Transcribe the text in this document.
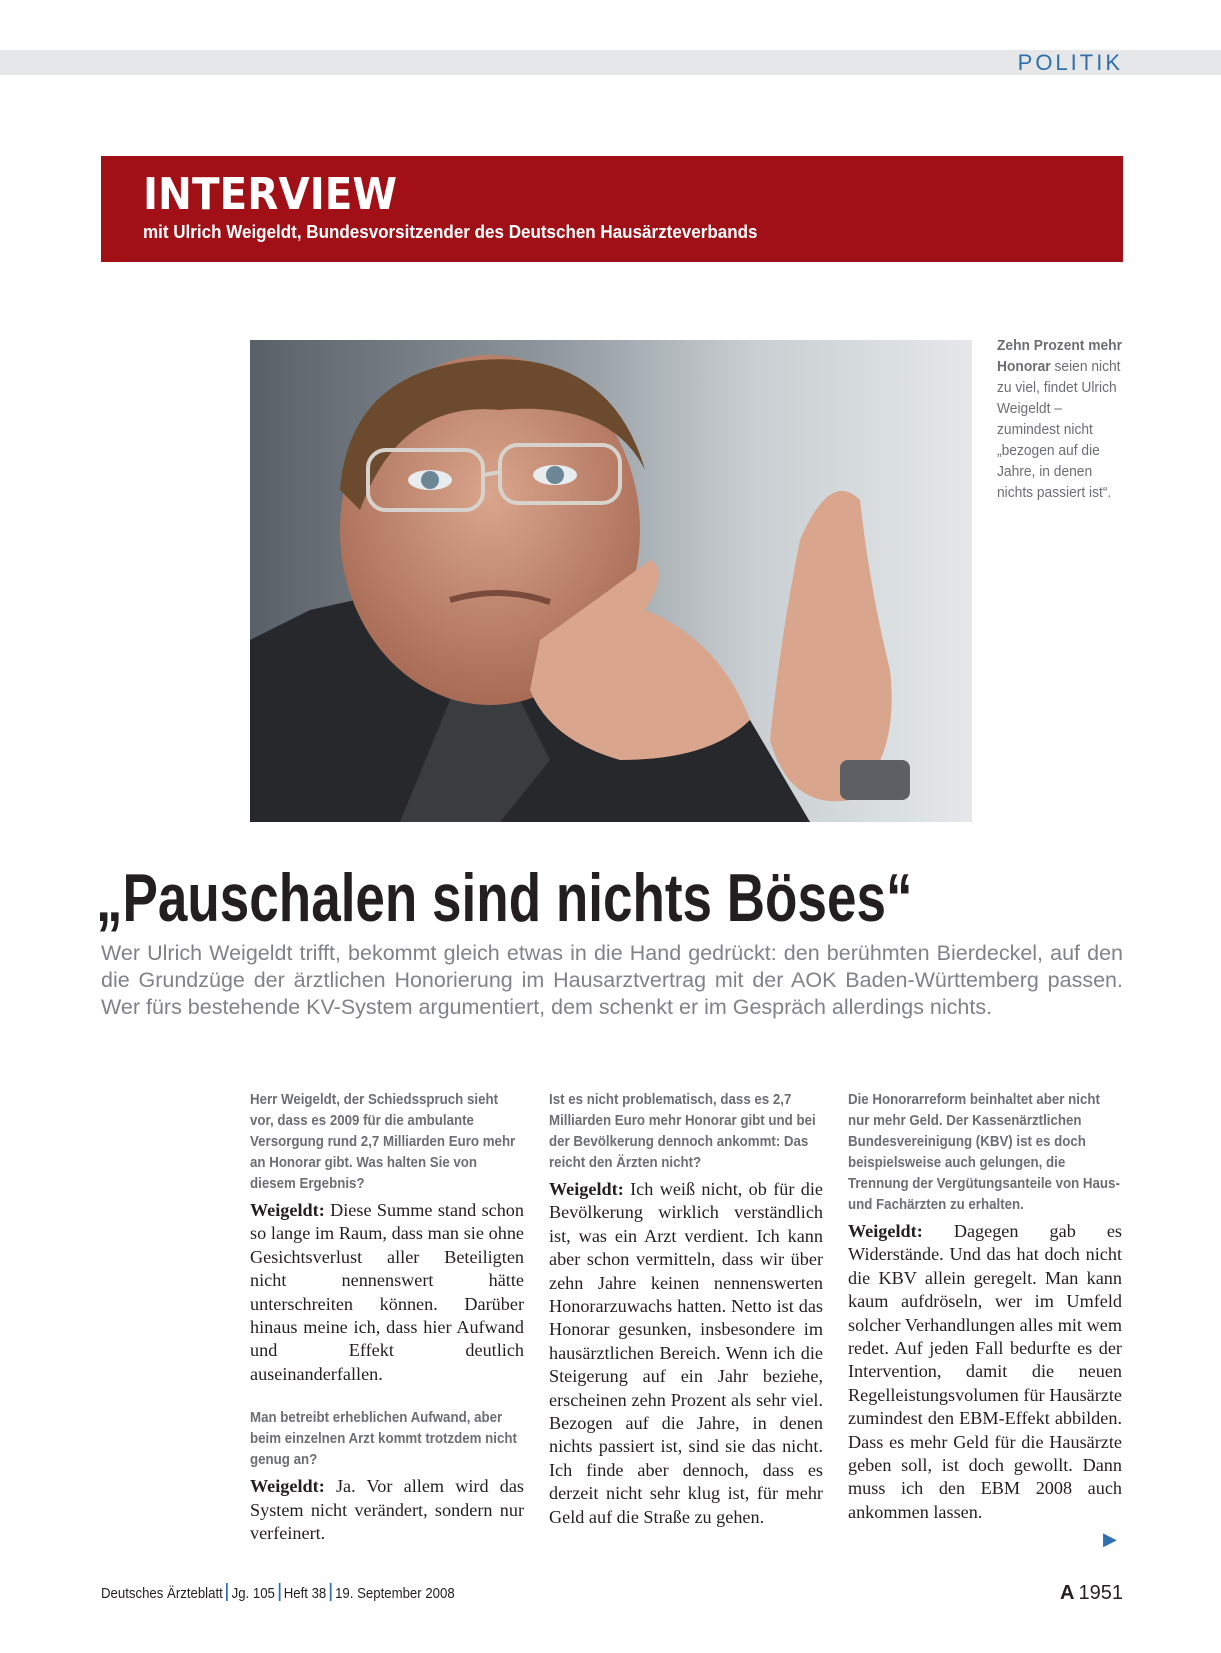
POLITIK
INTERVIEW
mit Ulrich Weigeldt, Bundesvorsitzender des Deutschen Hausärzteverbands
Zehn Prozent mehr Honorar seien nicht zu viel, findet Ulrich Weigeldt – zumindest nicht „bezogen auf die Jahre, in denen nichts passiert ist“.
„Pauschalen sind nichts Böses“
Wer Ulrich Weigeldt trifft, bekommt gleich etwas in die Hand gedrückt: den berühmten Bierdeckel, auf den die Grundzüge der ärztlichen Honorierung im Hausarztvertrag mit der AOK Baden-Württemberg passen. Wer fürs bestehende KV-System argumentiert, dem schenkt er im Gespräch allerdings nichts.

Herr Weigeldt, der Schiedsspruch sieht vor, dass es 2009 für die ambulante Versorgung rund 2,7 Milliarden Euro mehr an Honorar gibt. Was halten Sie von diesem Ergebnis?

Weigeldt: Diese Summe stand schon so lange im Raum, dass man sie ohne Gesichtsverlust aller Beteiligten nicht nennenswert hätte unterschreiten können. Darüber hinaus meine ich, dass hier Aufwand und Effekt deutlich auseinanderfallen.

Man betreibt erheblichen Aufwand, aber beim einzelnen Arzt kommt trotzdem nicht genug an?

Weigeldt: Ja. Vor allem wird das System nicht verändert, sondern nur verfeinert.

Ist es nicht problematisch, dass es 2,7 Milliarden Euro mehr Honorar gibt und bei der Bevölkerung dennoch ankommt: Das reicht den Ärzten nicht?

Weigeldt: Ich weiß nicht, ob für die Bevölkerung wirklich verständlich ist, was ein Arzt verdient. Ich kann aber schon vermitteln, dass wir über zehn Jahre keinen nennenswerten Honorarzuwachs hatten. Netto ist das Honorar gesunken, insbesondere im hausärztlichen Bereich. Wenn ich die Steigerung auf ein Jahr beziehe, erscheinen zehn Prozent als sehr viel. Bezogen auf die Jahre, in denen nichts passiert ist, sind sie das nicht. Ich finde aber dennoch, dass es derzeit nicht sehr klug ist, für mehr Geld auf die Straße zu gehen.

Die Honorarreform beinhaltet aber nicht nur mehr Geld. Der Kassenärztlichen Bundesvereinigung (KBV) ist es doch beispielsweise auch gelungen, die Trennung der Vergütungsanteile von Haus- und Fachärzten zu erhalten.

Weigeldt: Dagegen gab es Widerstände. Und das hat doch nicht die KBV allein geregelt. Man kann kaum aufdröseln, wer im Umfeld solcher Verhandlungen alles mit wem redet. Auf jeden Fall bedurfte es der Intervention, damit die neuen Regelleistungsvolumen für Hausärzte zumindest den EBM-Effekt abbilden. Dass es mehr Geld für die Hausärzte geben soll, ist doch gewollt. Dann muss ich den EBM 2008 auch ankommen lassen.

▶
Deutsches Ärzteblatt Jg. 105 Heft 38 19. September 2008	A 1951
